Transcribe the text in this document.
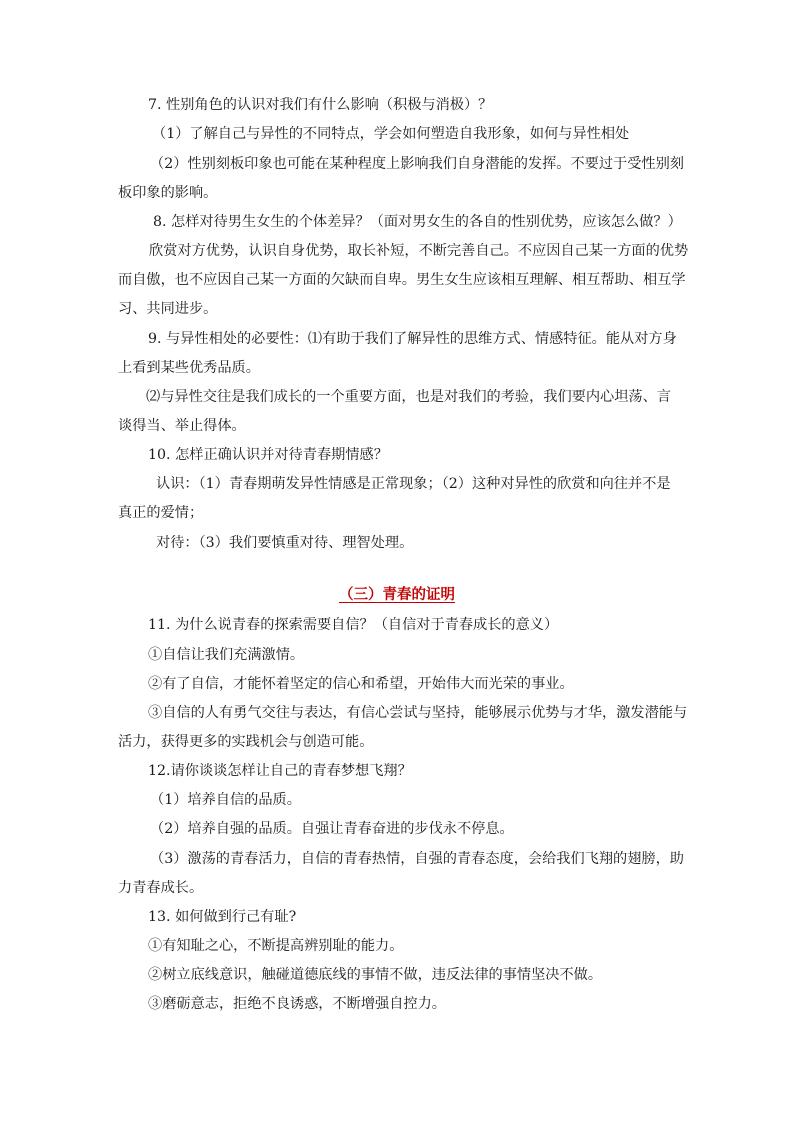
7. 性别角色的认识对我们有什么影响（积极与消极）？
（1）了解自己与异性的不同特点，学会如何塑造自我形象，如何与异性相处
（2）性别刻板印象也可能在某种程度上影响我们自身潜能的发挥。不要过于受性别刻
板印象的影响。
8. 怎样对待男生女生的个体差异？（面对男女生的各自的性别优势，应该怎么做？）
欣赏对方优势，认识自身优势，取长补短，不断完善自己。不应因自己某一方面的优势
而自傲，也不应因自己某一方面的欠缺而自卑。男生女生应该相互理解、相互帮助、相互学
习、共同进步。
9. 与异性相处的必要性：⑴有助于我们了解异性的思维方式、情感特征。能从对方身
上看到某些优秀品质。
⑵与异性交往是我们成长的一个重要方面，也是对我们的考验，我们要内心坦荡、言
谈得当、举止得体。
10. 怎样正确认识并对待青春期情感？
认识：（1）青春期萌发异性情感是正常现象；（2）这种对异性的欣赏和向往并不是
真正的爱情；
对待：（3）我们要慎重对待、理智处理。
（三）青春的证明
11. 为什么说青春的探索需要自信？（自信对于青春成长的意义）
①自信让我们充满激情。
②有了自信，才能怀着坚定的信心和希望，开始伟大而光荣的事业。
③自信的人有勇气交往与表达，有信心尝试与坚持，能够展示优势与才华，激发潜能与
活力，获得更多的实践机会与创造可能。
12.请你谈谈怎样让自己的青春梦想飞翔？
（1）培养自信的品质。
（2）培养自强的品质。自强让青春奋进的步伐永不停息。
（3）激荡的青春活力，自信的青春热情，自强的青春态度，会给我们飞翔的翅膀，助
力青春成长。
13. 如何做到行己有耻?
①有知耻之心，不断提高辨别耻的能力。
②树立底线意识，触碰道德底线的事情不做，违反法律的事情坚决不做。
③磨砺意志，拒绝不良诱惑，不断增强自控力。
